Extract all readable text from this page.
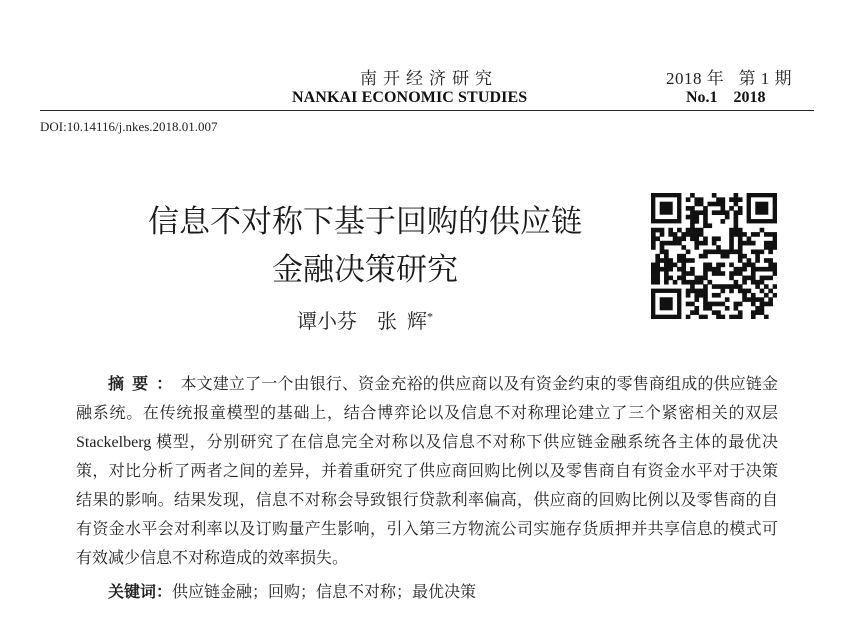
南开经济研究
NANKAI ECONOMIC STUDIES
2018 年   第 1 期
No.1    2018
DOI:10.14116/j.nkes.2018.01.007
信息不对称下基于回购的供应链
金融决策研究
谭小芬    张  辉*
摘要：本文建立了一个由银行、资金充裕的供应商以及有资金约束的零售商组成的供应链金融系统。在传统报童模型的基础上，结合博弈论以及信息不对称理论建立了三个紧密相关的双层 Stackelberg 模型，分别研究了在信息完全对称以及信息不对称下供应链金融系统各主体的最优决策，对比分析了两者之间的差异，并着重研究了供应商回购比例以及零售商自有资金水平对于决策结果的影响。结果发现，信息不对称会导致银行贷款利率偏高，供应商的回购比例以及零售商的自有资金水平会对利率以及订购量产生影响，引入第三方物流公司实施存货质押并共享信息的模式可有效减少信息不对称造成的效率损失。
关键词：供应链金融；回购；信息不对称；最优决策
